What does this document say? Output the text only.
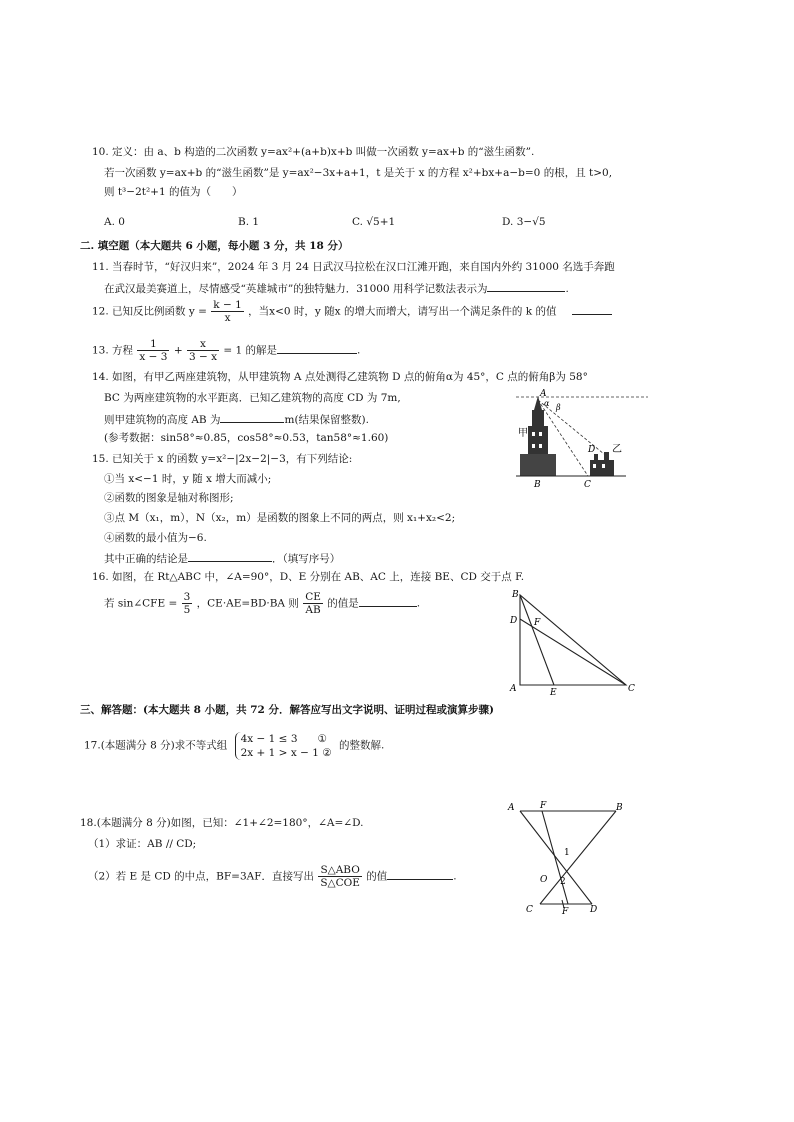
10. 定义：由 a、b 构造的二次函数 y=ax²+(a+b)x+b 叫做一次函数 y=ax+b 的“滋生函数”.
若一次函数 y=ax+b 的“滋生函数”是 y=ax²−3x+a+1，t 是关于 x 的方程 x²+bx+a−b=0 的根，且 t>0,
则 t³−2t²+1 的值为（　　）
A. 0	B. 1	C. √5+1	D. 3−√5
二. 填空题（本大题共 6 小题，每小题 3 分，共 18 分）
11. 当春时节，“好汉归来”，2024 年 3 月 24 日武汉马拉松在汉口江滩开跑，来自国内外约 31000 名选手奔跑
在武汉最美赛道上，尽情感受“英雄城市”的独特魅力．31000 用科学记数法表示为	.
12. 已知反比例函数 $y = \frac{k - 1}{x}$ ，当x<0 时，y 随x 的增大而增大，请写出一个满足条件的 k 的值
13. 方程 $\frac{1}{x - 3} + \frac{x}{3 - x} = 1$ 的解是	.
14. 如图，有甲乙两座建筑物，从甲建筑物 A 点处测得乙建筑物 D 点的俯角α为 45°，C 点的俯角β为 58°
BC 为两座建筑物的水平距离．已知乙建筑物的高度 CD 为 7m,
则甲建筑物的高度 AB 为	m(结果保留整数).
(参考数据：sin58°≈0.85，cos58°≈0.53，tan58°≈1.60)
A
α β
甲
D 乙
B	C
15. 已知关于 x 的函数 y=x²−|2x−2|−3，有下列结论:
①当 x<−1 时，y 随 x 增大而减小;
②函数的图象是轴对称图形;
③点 M（x₁，m），N（x₂，m）是函数的图象上不同的两点，则 x₁+x₂<2;
④函数的最小值为−6.
其中正确的结论是	．（填写序号）
16. 如图，在 Rt△ABC 中，∠A=90°，D、E 分别在 AB、AC 上，连接 BE、CD 交于点 F.
若 sin∠CFE = $\frac{3}{5}$ ，CE·AE=BD·BA 则 $\frac{CE}{AB}$ 的值是	.
B
D F
A	E	C
三、解答题：(本大题共 8 小题，共 72 分．解答应写出文字说明、证明过程或演算步骤)
17.(本题满分 8 分)求不等式组
4x − 1 ≤ 3 ①
2x + 1 > x − 1 ②
的整数解.
18.(本题满分 8 分)如图，已知：∠1+∠2=180°，∠A=∠D.
（1）求证：AB // CD;
（2）若 E 是 CD 的中点，BF=3AF．直接写出 $\frac{\text{S△ABO}}{\text{S△COE}}$ 的值	.
A	F	B
1
O 2
C	F D
